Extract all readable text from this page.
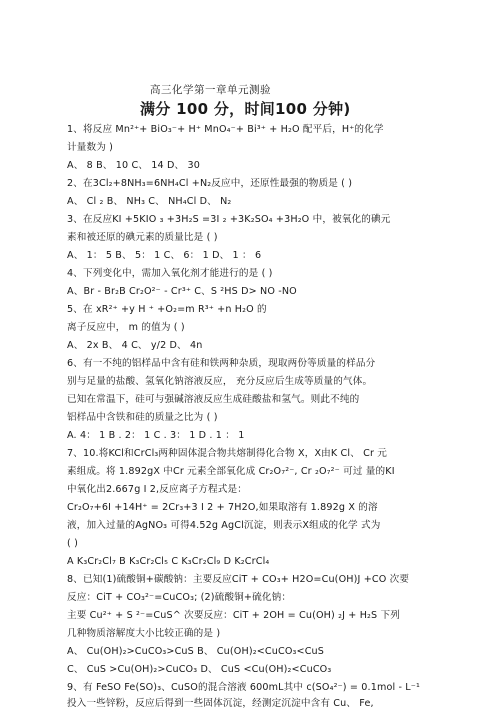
高三化学第一章单元测验
满分 100 分，时间100 分钟)
1、将反应 Mn²⁺+ BiO₃⁻+ H⁺ MnO₄⁻+ Bi³⁺ + H₂O 配平后，H⁺的化学
计量数为 )
A、 8 B、 10 C、 14 D、 30
2、在3Cl₂+8NH₃=6NH₄Cl +N₂反应中，还原性最强的物质是 ( )
A、 Cl ₂ B、 NH₃ C、 NH₄Cl D、 N₂
3、在反应KI +5KIO ₃ +3H₂S =3I ₂ +3K₂SO₄ +3H₂O 中，被氧化的碘元
素和被还原的碘元素的质量比是 ( )
A、 1： 5 B、 5： 1 C、 6： 1 D、 1 ： 6
4、下列变化中，需加入氧化剂才能进行的是 ( )
A、Br - Br₂B Cr₂O²⁻ - Cr³⁺ C、S ²HS D> NO -NO
5、在 xR²⁺ +y H ⁺ +O₂=m R³⁺ +n H₂O 的
离子反应中， m 的值为 ( )
A、 2x B、 4 C、 y/2 D、 4n
6、有一不纯的铝样品中含有硅和铁两种杂质，现取两份等质量的样品分
别与足量的盐酸、氢氧化钠溶液反应， 充分反应后生成等质量的气体。
已知在常温下，硅可与强碱溶液反应生成硅酸盐和氢气。则此不纯的
铝样品中含铁和硅的质量之比为 ( )
A. 4： 1 B . 2： 1 C . 3： 1 D . 1 ： 1
7、10.将KCl和CrCl₃两种固体混合物共熔制得化合物 X，X由K Cl、 Cr 元
素组成。将 1.892gX 中Cr 元素全部氧化成 Cr₂O₇²⁻, Cr ₂O₇²⁻ 可过 量的KI
中氧化出2.667g I 2,反应离子方程式是：
Cr₂O₇+6I +14H⁺ = 2Cr₃+3 I 2 + 7H2O,如果取溶有 1.892g X 的溶
液，加入过量的AgNO₃ 可得4.52g AgCl沉淀，则表示X组成的化学 式为
( )
A K₃Cr₂Cl₇ B K₃Cr₂Cl₅ C K₃Cr₂Cl₉ D K₂CrCl₄
8、已知(1)硫酸铜+碳酸钠：主要反应CiT + CO₃+ H2O=Cu(OH)J +CO 次要
反应：CiT + CO₃²⁻=CuCO₃; (2)硫酸铜+硫化钠：
主要 Cu²⁺ + S ²⁻=CuS^ 次要反应：CiT + 2OH = Cu(OH) ₂J + H₂S 下列
几种物质溶解度大小比较正确的是 )
A、 Cu(OH)₂>CuCO₃>CuS B、 Cu(OH)₂<CuCO₃<CuS
C、 CuS >Cu(OH)₂>CuCO₃ D、 CuS <Cu(OH)₂<CuCO₃
9、有 FeSO Fe(SO)₃、CuSO的混合溶液 600mL其中 c(SO₄²⁻) = 0.1mol - L⁻¹
投入一些锌粉，反应后得到一些固体沉淀，经测定沉淀中含有 Cu、 Fe,
